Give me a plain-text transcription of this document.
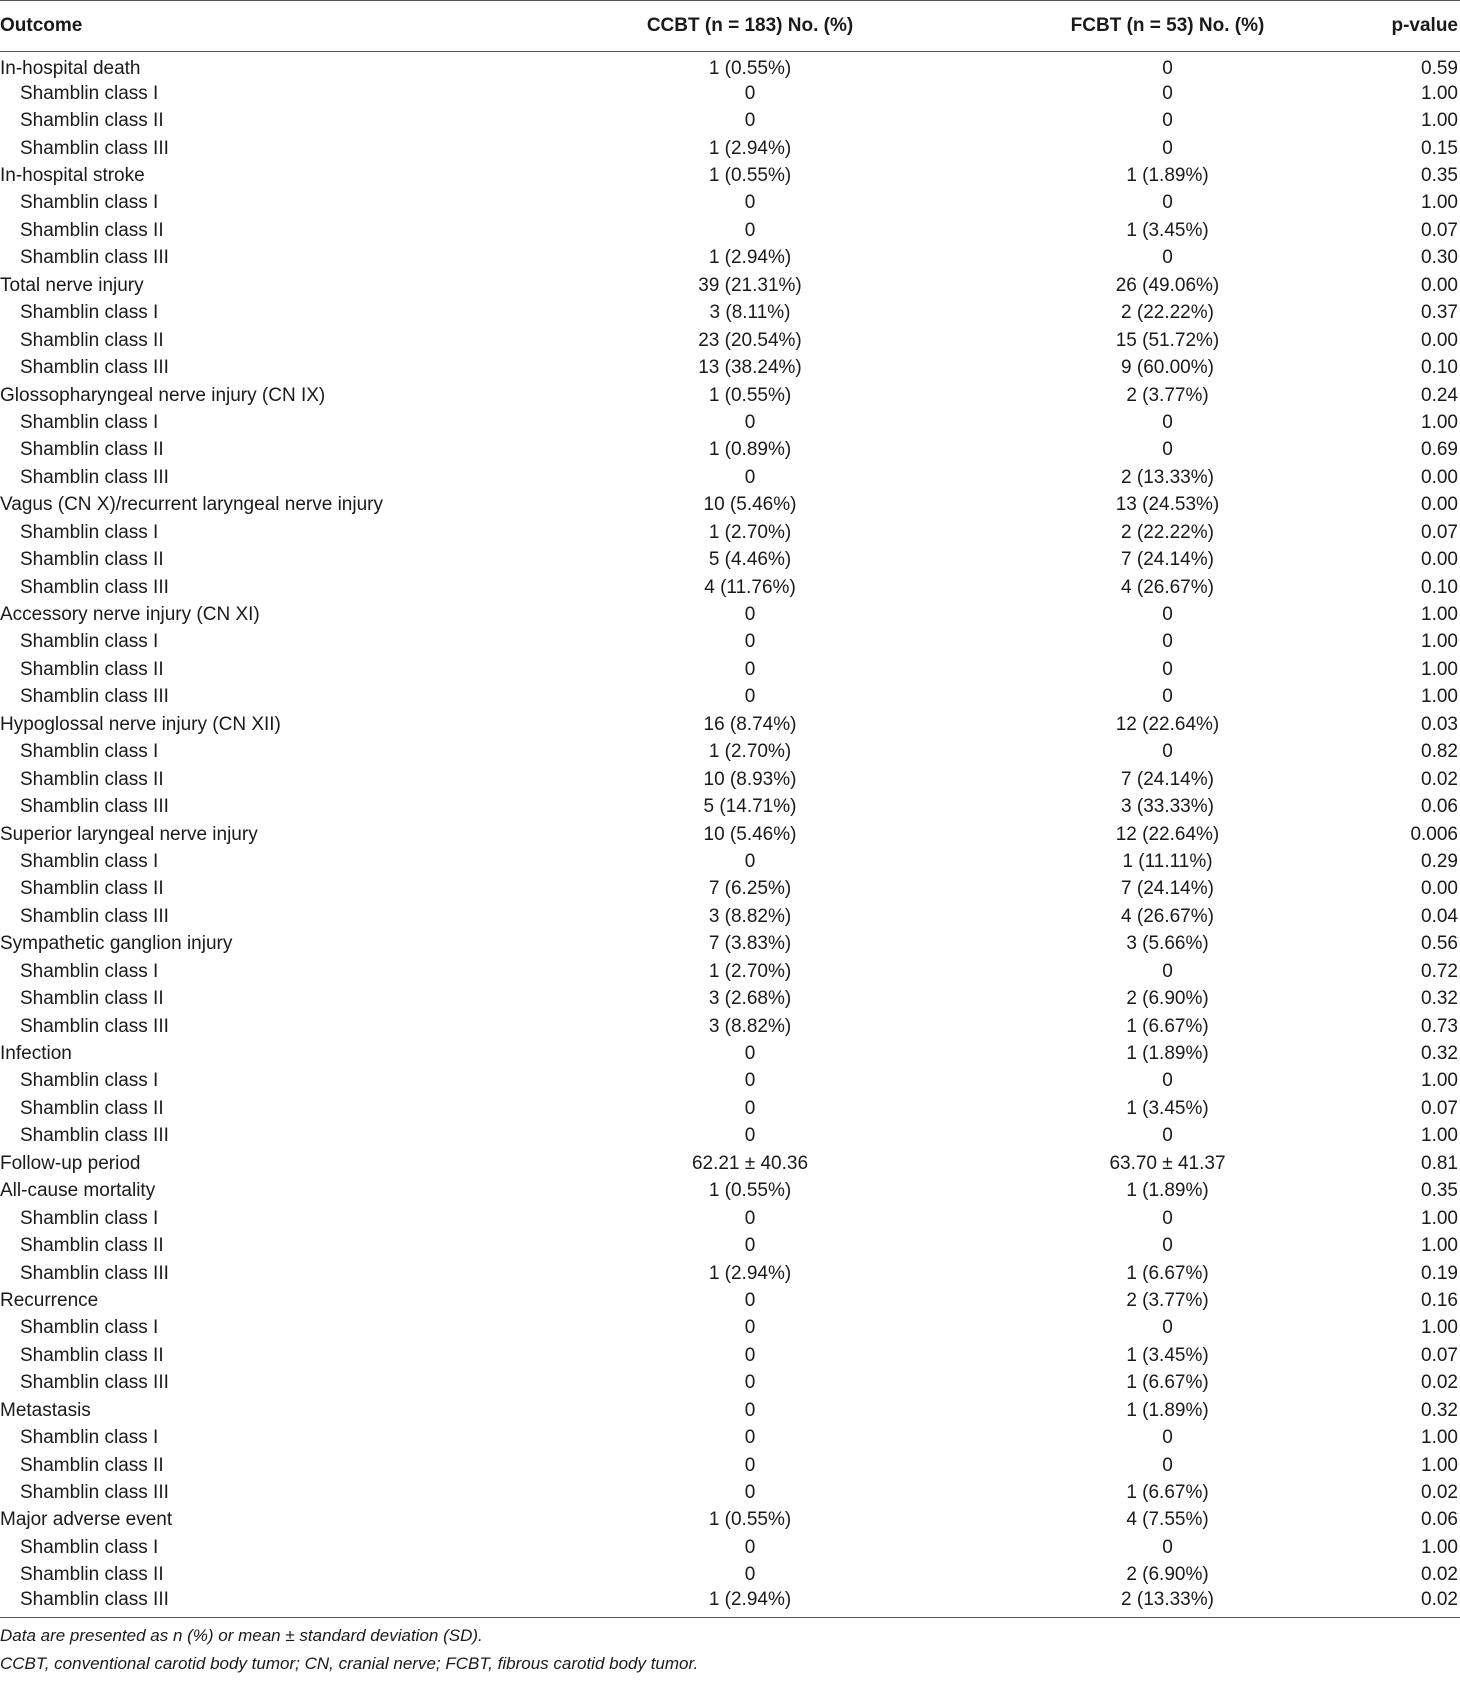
Outcome	CCBT (n = 183) No. (%)	FCBT (n = 53) No. (%)	p-value
In-hospital death	1 (0.55%)	0	0.59
Shamblin class I	0	0	1.00
Shamblin class II	0	0	1.00
Shamblin class III	1 (2.94%)	0	0.15
In-hospital stroke	1 (0.55%)	1 (1.89%)	0.35
Shamblin class I	0	0	1.00
Shamblin class II	0	1 (3.45%)	0.07
Shamblin class III	1 (2.94%)	0	0.30
Total nerve injury	39 (21.31%)	26 (49.06%)	0.00
Shamblin class I	3 (8.11%)	2 (22.22%)	0.37
Shamblin class II	23 (20.54%)	15 (51.72%)	0.00
Shamblin class III	13 (38.24%)	9 (60.00%)	0.10
Glossopharyngeal nerve injury (CN IX)	1 (0.55%)	2 (3.77%)	0.24
Shamblin class I	0	0	1.00
Shamblin class II	1 (0.89%)	0	0.69
Shamblin class III	0	2 (13.33%)	0.00
Vagus (CN X)/recurrent laryngeal nerve injury	10 (5.46%)	13 (24.53%)	0.00
Shamblin class I	1 (2.70%)	2 (22.22%)	0.07
Shamblin class II	5 (4.46%)	7 (24.14%)	0.00
Shamblin class III	4 (11.76%)	4 (26.67%)	0.10
Accessory nerve injury (CN XI)	0	0	1.00
Shamblin class I	0	0	1.00
Shamblin class II	0	0	1.00
Shamblin class III	0	0	1.00
Hypoglossal nerve injury (CN XII)	16 (8.74%)	12 (22.64%)	0.03
Shamblin class I	1 (2.70%)	0	0.82
Shamblin class II	10 (8.93%)	7 (24.14%)	0.02
Shamblin class III	5 (14.71%)	3 (33.33%)	0.06
Superior laryngeal nerve injury	10 (5.46%)	12 (22.64%)	0.006
Shamblin class I	0	1 (11.11%)	0.29
Shamblin class II	7 (6.25%)	7 (24.14%)	0.00
Shamblin class III	3 (8.82%)	4 (26.67%)	0.04
Sympathetic ganglion injury	7 (3.83%)	3 (5.66%)	0.56
Shamblin class I	1 (2.70%)	0	0.72
Shamblin class II	3 (2.68%)	2 (6.90%)	0.32
Shamblin class III	3 (8.82%)	1 (6.67%)	0.73
Infection	0	1 (1.89%)	0.32
Shamblin class I	0	0	1.00
Shamblin class II	0	1 (3.45%)	0.07
Shamblin class III	0	0	1.00
Follow-up period	62.21 ± 40.36	63.70 ± 41.37	0.81
All-cause mortality	1 (0.55%)	1 (1.89%)	0.35
Shamblin class I	0	0	1.00
Shamblin class II	0	0	1.00
Shamblin class III	1 (2.94%)	1 (6.67%)	0.19
Recurrence	0	2 (3.77%)	0.16
Shamblin class I	0	0	1.00
Shamblin class II	0	1 (3.45%)	0.07
Shamblin class III	0	1 (6.67%)	0.02
Metastasis	0	1 (1.89%)	0.32
Shamblin class I	0	0	1.00
Shamblin class II	0	0	1.00
Shamblin class III	0	1 (6.67%)	0.02
Major adverse event	1 (0.55%)	4 (7.55%)	0.06
Shamblin class I	0	0	1.00
Shamblin class II	0	2 (6.90%)	0.02
Shamblin class III	1 (2.94%)	2 (13.33%)	0.02
Data are presented as n (%) or mean ± standard deviation (SD).
CCBT, conventional carotid body tumor; CN, cranial nerve; FCBT, fibrous carotid body tumor.
